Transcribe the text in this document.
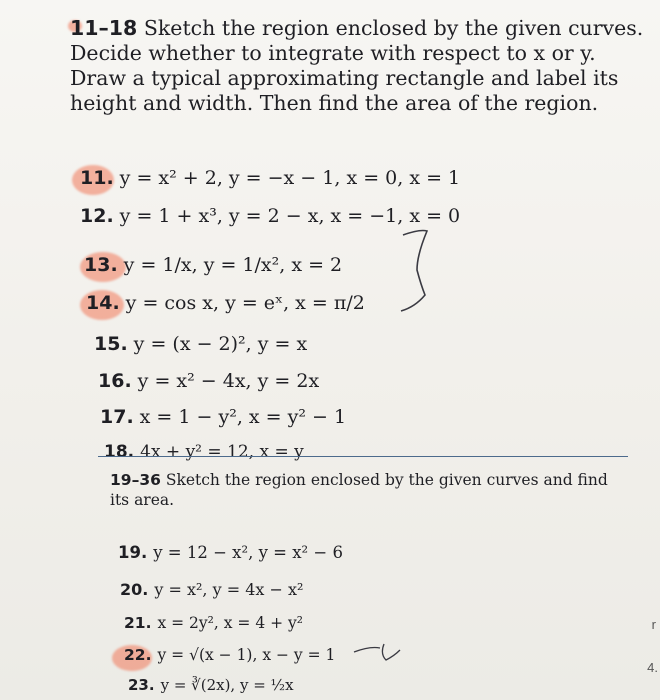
11–18 Sketch the region enclosed by the given curves. Decide whether to integrate with respect to x or y. Draw a typical approximating rectangle and label its height and width. Then find the area of the region.
11. y = x² + 2, y = −x − 1, x = 0, x = 1
12. y = 1 + x³, y = 2 − x, x = −1, x = 0
13. y = 1/x, y = 1/x², x = 2
14. y = cos x, y = eˣ, x = π/2
15. y = (x − 2)², y = x
16. y = x² − 4x, y = 2x
17. x = 1 − y², x = y² − 1
18. 4x + y² = 12, x = y
19–36 Sketch the region enclosed by the given curves and find its area.
19. y = 12 − x², y = x² − 6
20. y = x², y = 4x − x²
21. x = 2y², x = 4 + y²
22. y = √(x − 1), x − y = 1
23. y = ∛(2x), y = ½x
r
4.
